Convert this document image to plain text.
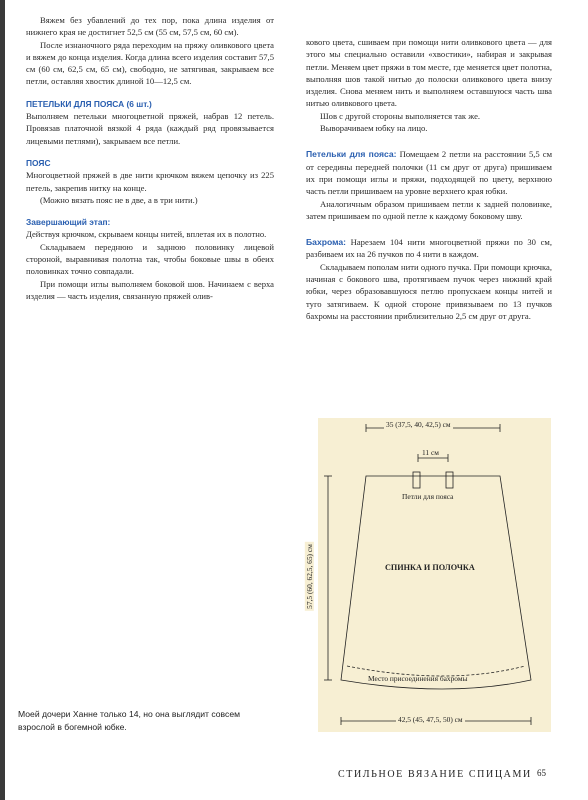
Вяжем без убавлений до тех пор, пока длина изделия от нижнего края не достигнет 52,5 см (55 см, 57,5 см, 60 см).

После изнаночного ряда переходим на пряжу оливкового цвета и вяжем до конца изделия. Когда длина всего изделия составит 57,5 см (60 см, 62,5 см, 65 см), свободно, не затягивая, закрываем все петли, оставляя хвостик длиной 10—12,5 см.

ПЕТЕЛЬКИ ДЛЯ ПОЯСА (6 шт.)

Выполняем петельки многоцветной пряжей, набрав 12 петель. Провязав платочной вязкой 4 ряда (каждый ряд провязывается лицевыми петлями), закрываем все петли.

ПОЯС

Многоцветной пряжей в две нити крючком вяжем цепочку из 225 петель, закрепив нитку на конце.

(Можно вязать пояс не в две, а в три нити.)

Завершающий этап:

Действуя крючком, скрываем концы нитей, вплетая их в полотно.

Складываем переднюю и заднюю половинку лицевой стороной, выравнивая полотна так, чтобы боковые швы в обеих половинках точно совпадали.

При помощи иглы выполняем боковой шов. Начинаем с верха изделия — часть изделия, связанную пряжей олив-

кового цвета, сшиваем при помощи нити оливкового цвета — для этого мы специально оставили «хвостики», набирая и закрывая петли. Меняем цвет пряжи в том месте, где меняется цвет полотна, выполняя шов такой нитью до полоски оливкового цвета внизу изделия. Снова меняем нить и выполняем оставшуюся часть шва нитью оливкового цвета.

Шов с другой стороны выполняется так же.

Выворачиваем юбку на лицо.

Петельки для пояса: Помещаем 2 петли на расстоянии 5,5 см от середины передней полочки (11 см друг от друга) пришиваем их при помощи иглы и пряжи, подходящей по цвету, верхнюю часть петли пришиваем на уровне верхнего края юбки.

Аналогичным образом пришиваем петли к задней половинке, затем пришиваем по одной петле к каждому боковому шву.

Бахрома: Нарезаем 104 нити многоцветной пряжи по 30 см, разбиваем их на 26 пучков по 4 нити в каждом.

Складываем пополам нити одного пучка. При помощи крючка, начиная с бокового шва, протягиваем пучок через нижний край юбки, через образовавшуюся петлю пропускаем концы нитей и туго затягиваем. К одной стороне привязываем по 13 пучков бахромы на расстоянии приблизительно 2,5 см друг от друга.

35 (37,5, 40, 42,5) см
11 см
Петли для пояса
СПИНКА И ПОЛОЧКА
57,5 (60, 62,5, 65) см
Место присоединения бахромы
42,5 (45, 47,5, 50) см
Моей дочери Ханне только 14, но она выглядит совсем взрослой в богемной юбке.
СТИЛЬНОЕ ВЯЗАНИЕ СПИЦАМИ 65
